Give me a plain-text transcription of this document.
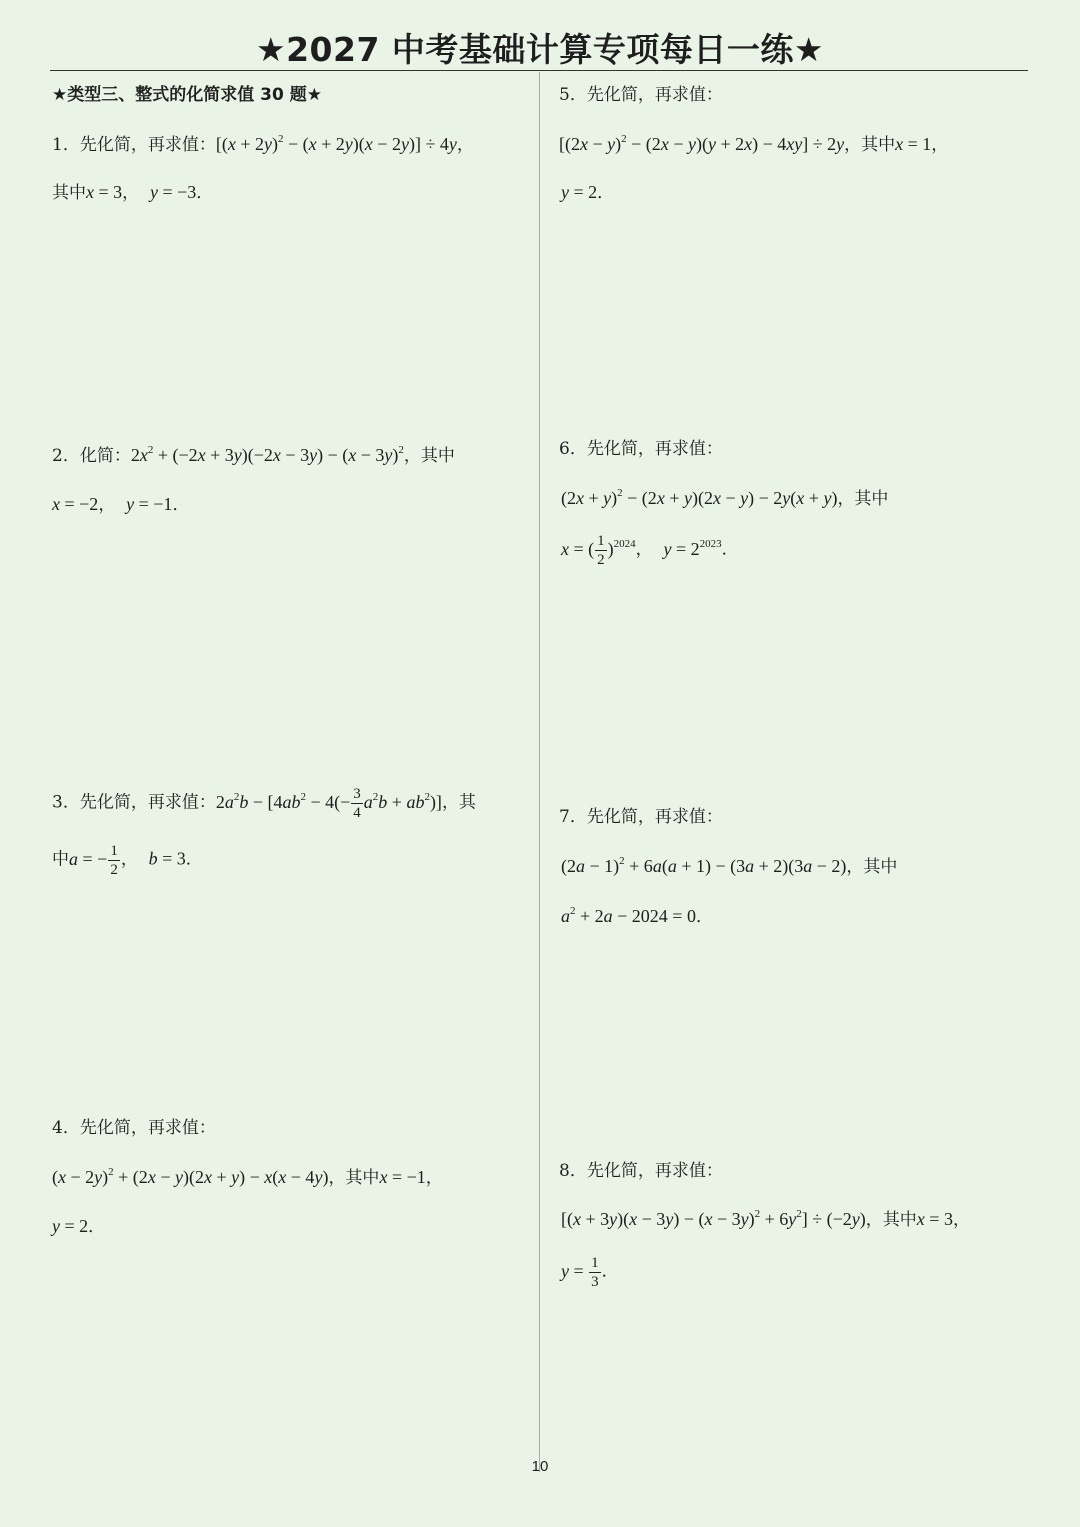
★2027 中考基础计算专项每日一练★
★类型三、整式的化简求值 30 题★
1．先化简，再求值：$[(x + 2y)^2 - (x + 2y)(x - 2y)] \div 4y$，
其中x = 3， y = −3．
2．化简：$2x^2 + (-2x + 3y)(-2x - 3y) - (x - 3y)^2$，其中
x = −2， y = −1．
3．先化简，再求值：$2a^2b - [4ab^2 - 4(- \frac{3}{4} a^2b + ab^2)]$，其
中a = − $\frac{1}{2}$ ， b = 3．
4．先化简，再求值：
$(x - 2y)^2 + (2x - y)(2x + y) - x(x - 4y)$，其中x = −1，
y = 2．
5．先化简，再求值：
$[(2x - y)^2 - (2x - y)(y + 2x) - 4xy] \div 2y$，其中x = 1，
y = 2．
6．先化简，再求值：
$(2x + y)^2 - (2x + y)(2x - y) - 2y(x + y)$，其中
x = ( $\frac{1}{2} )^{2024}$， $y = 2^{2023}$．
7．先化简，再求值：
$(2a - 1)^2 + 6a(a + 1) - (3a + 2)(3a - 2)$，其中
$a^2 + 2a - 2024 = 0$．
8．先化简，再求值：
$[(x + 3y)(x - 3y) - (x - 3y)^2 + 6y^2] \div (-2y)$，其中x = 3，
$y = \frac{1}{3}$ ．
10
